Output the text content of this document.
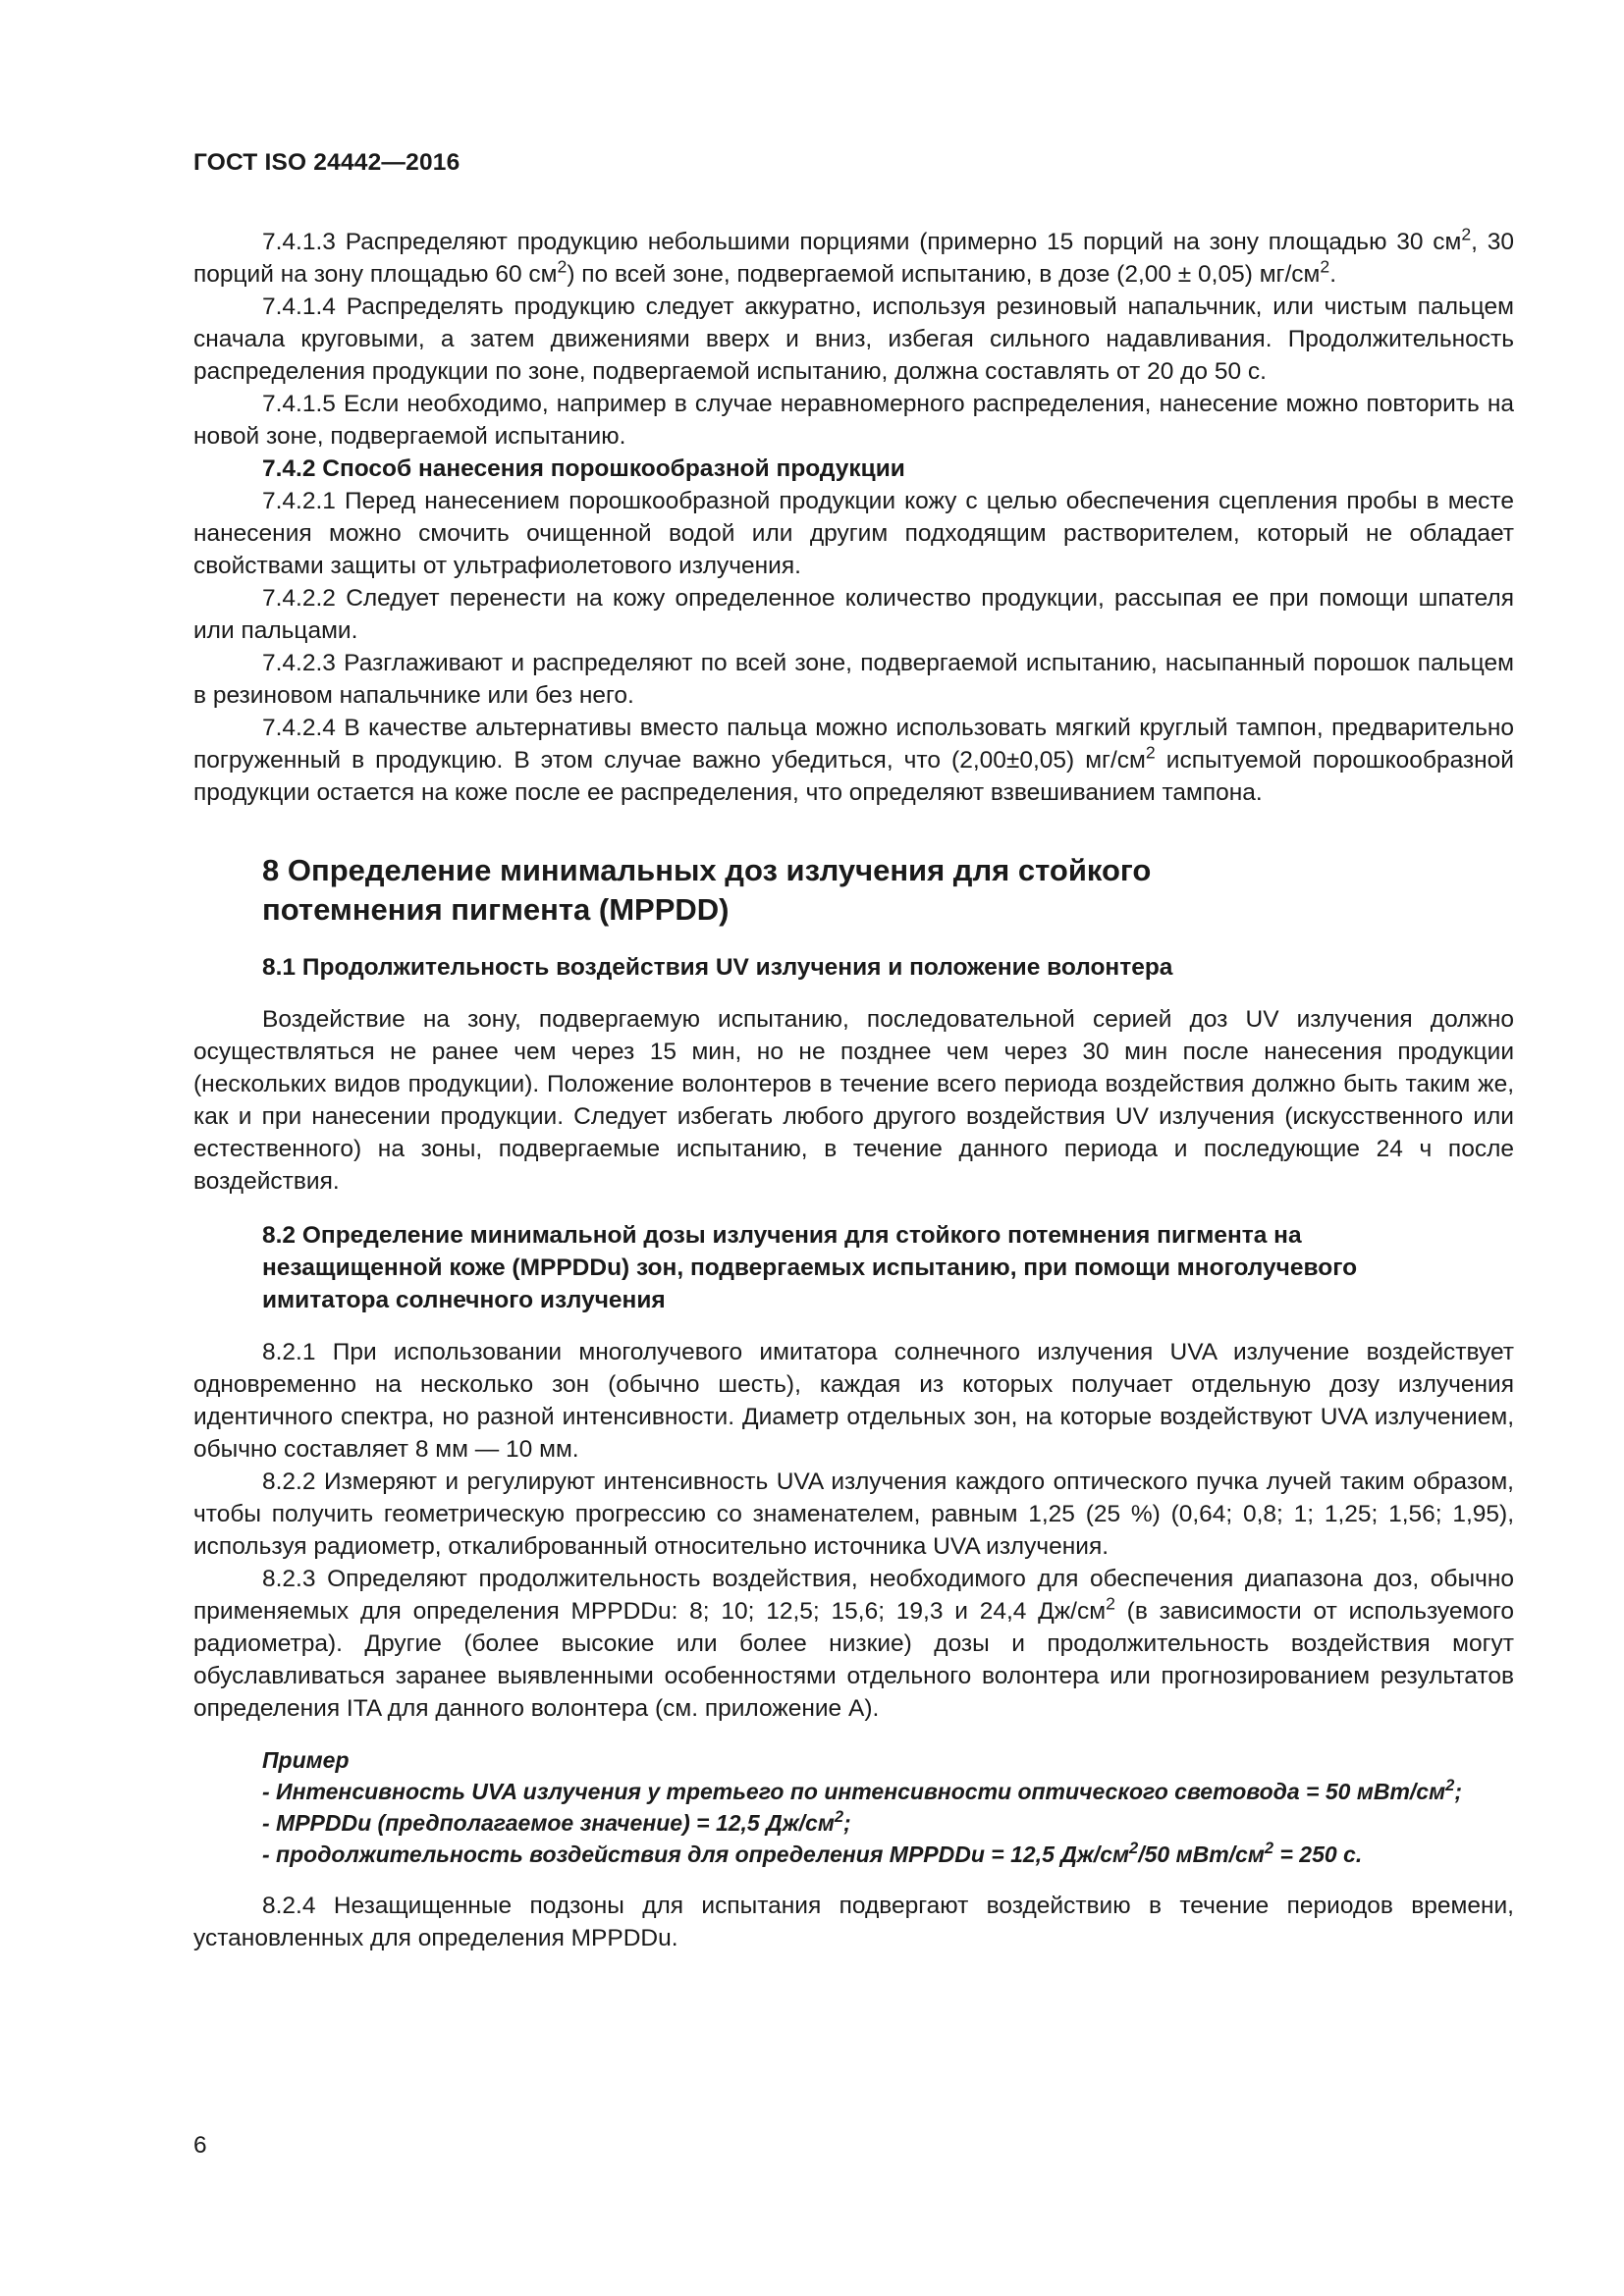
ГОСТ ISO 24442—2016

7.4.1.3 Распределяют продукцию небольшими порциями (примерно 15 порций на зону площадью 30 $см^2$, 30 порций на зону площадью 60 $см^2$) по всей зоне, подвергаемой испытанию, в дозе (2,00 ± 0,05) $мг/см^2$.

7.4.1.4 Распределять продукцию следует аккуратно, используя резиновый напальчник, или чистым пальцем сначала круговыми, а затем движениями вверх и вниз, избегая сильного надавливания. Продолжительность распределения продукции по зоне, подвергаемой испытанию, должна составлять от 20 до 50 с.

7.4.1.5 Если необходимо, например в случае неравномерного распределения, нанесение можно повторить на новой зоне, подвергаемой испытанию.

7.4.2 Способ нанесения порошкообразной продукции

7.4.2.1 Перед нанесением порошкообразной продукции кожу с целью обеспечения сцепления пробы в месте нанесения можно смочить очищенной водой или другим подходящим растворителем, который не обладает свойствами защиты от ультрафиолетового излучения.

7.4.2.2 Следует перенести на кожу определенное количество продукции, рассыпая ее при помощи шпателя или пальцами.

7.4.2.3 Разглаживают и распределяют по всей зоне, подвергаемой испытанию, насыпанный порошок пальцем в резиновом напальчнике или без него.

7.4.2.4 В качестве альтернативы вместо пальца можно использовать мягкий круглый тампон, предварительно погруженный в продукцию. В этом случае важно убедиться, что (2,00±0,05) $мг/см^2$ испытуемой порошкообразной продукции остается на коже после ее распределения, что определяют взвешиванием тампона.

8 Определение минимальных доз излучения для стойкого потемнения пигмента (MPPDD)
8.1 Продолжительность воздействия UV излучения и положение волонтера

Воздействие на зону, подвергаемую испытанию, последовательной серией доз UV излучения должно осуществляться не ранее чем через 15 мин, но не позднее чем через 30 мин после нанесения продукции (нескольких видов продукции). Положение волонтеров в течение всего периода воздействия должно быть таким же, как и при нанесении продукции. Следует избегать любого другого воздействия UV излучения (искусственного или естественного) на зоны, подвергаемые испытанию, в течение данного периода и последующие 24 ч после воздействия.

8.2 Определение минимальной дозы излучения для стойкого потемнения пигмента на незащищенной коже (MPPDDu) зон, подвергаемых испытанию, при помощи многолучевого имитатора солнечного излучения

8.2.1 При использовании многолучевого имитатора солнечного излучения UVA излучение воздействует одновременно на несколько зон (обычно шесть), каждая из которых получает отдельную дозу излучения идентичного спектра, но разной интенсивности. Диаметр отдельных зон, на которые воздействуют UVA излучением, обычно составляет 8 мм — 10 мм.

8.2.2 Измеряют и регулируют интенсивность UVA излучения каждого оптического пучка лучей таким образом, чтобы получить геометрическую прогрессию со знаменателем, равным 1,25 (25 %) (0,64; 0,8; 1; 1,25; 1,56; 1,95), используя радиометр, откалиброванный относительно источника UVA излучения.

8.2.3 Определяют продолжительность воздействия, необходимого для обеспечения диапазона доз, обычно применяемых для определения MPPDDu: 8; 10; 12,5; 15,6; 19,3 и 24,4 $Дж/см^2$ (в зависимости от используемого радиометра). Другие (более высокие или более низкие) дозы и продолжительность воздействия могут обуславливаться заранее выявленными особенностями отдельного волонтера или прогнозированием результатов определения ITA для данного волонтера (см. приложение А).

Пример
- Интенсивность UVA излучения у третьего по интенсивности оптического световода = 50 мВт/$см^2$;
- MPPDDu (предполагаемое значение) = 12,5 $Дж/см^2$;
- продолжительность воздействия для определения MPPDDu = 12,5 $Дж/см^2/50$ мВт/$см^2 = 250$ с.

8.2.4 Незащищенные подзоны для испытания подвергают воздействию в течение периодов времени, установленных для определения MPPDDu.

6
